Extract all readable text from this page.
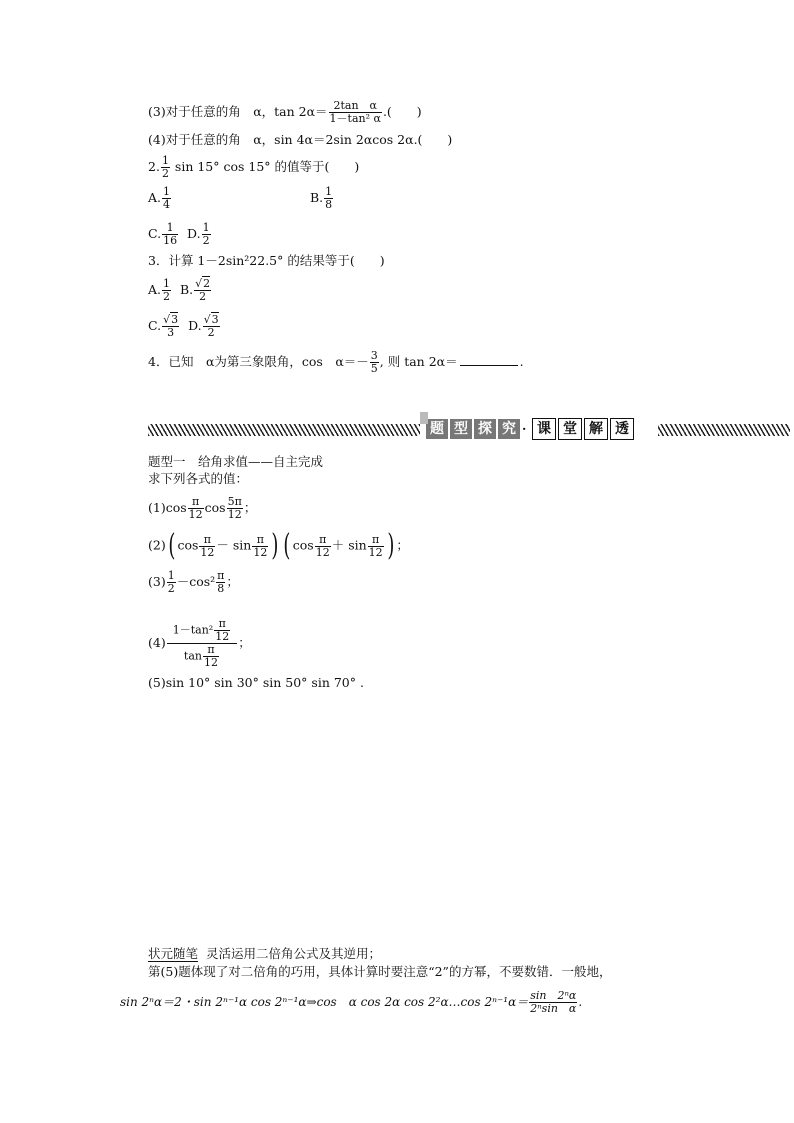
(3)对于任意的角　α，$\tan 2\alpha= \frac{\text{2tan　α}}{\text{1－tan² α}}$ .(　　)
(4)对于任意的角　α，sin 4α＝2sin 2αcos 2α.(　　)
2. $\frac{1}{2}$ sin 15° cos 15° 的值等于(　　)
A. $\frac{1}{4}$	B. $\frac{1}{8}$
C. $\frac{1}{16} D$. $\frac{1}{2}$
3．计算 1－2sin²22.5° 的结果等于(　　)
A. $\frac{1}{2} B$. $\frac{√2}{2}$
C. $\frac{√3}{3} D$. $\frac{√3}{2}$
4．已知　α为第三象限角，cos　$\alpha=- \frac{3}{5}$ , 则 tan 2α＝	.
题 型 探 究 · 课 堂 解 透
题型一　给角求值——自主完成
求下列各式的值：
$(1)\cos \frac{\pi}{12}$ $\cos \frac{5\pi}{12}$ ；
(2)( $\cos \frac{\pi}{12} - \sin \frac{\pi}{12}$ ) ( $\cos \frac{\pi}{12} + \sin \frac{\pi}{12}$ ) ；
$(3) \frac{1}{2} -\cos^2 \frac{\pi}{8}$ ；
$(4) \frac{1-\tan^2 \frac{\pi}{12}}{\tan \frac{\pi}{12}}$ ；
(5)sin 10° sin 30° sin 50° sin 70° .
状元随笔 灵活运用二倍角公式及其逆用；
第(5)题体现了对二倍角的巧用，具体计算时要注意“2”的方幂，不要数错．一般地，
sin 2ⁿα＝2・sin 2ⁿ⁻¹α cos 2ⁿ⁻¹α⇒cos　α cos 2α cos 2²α…cos $2^{n-1}\alpha= \frac{\text{sin　2ⁿα}}{\text{2ⁿsin　α}}$ .
